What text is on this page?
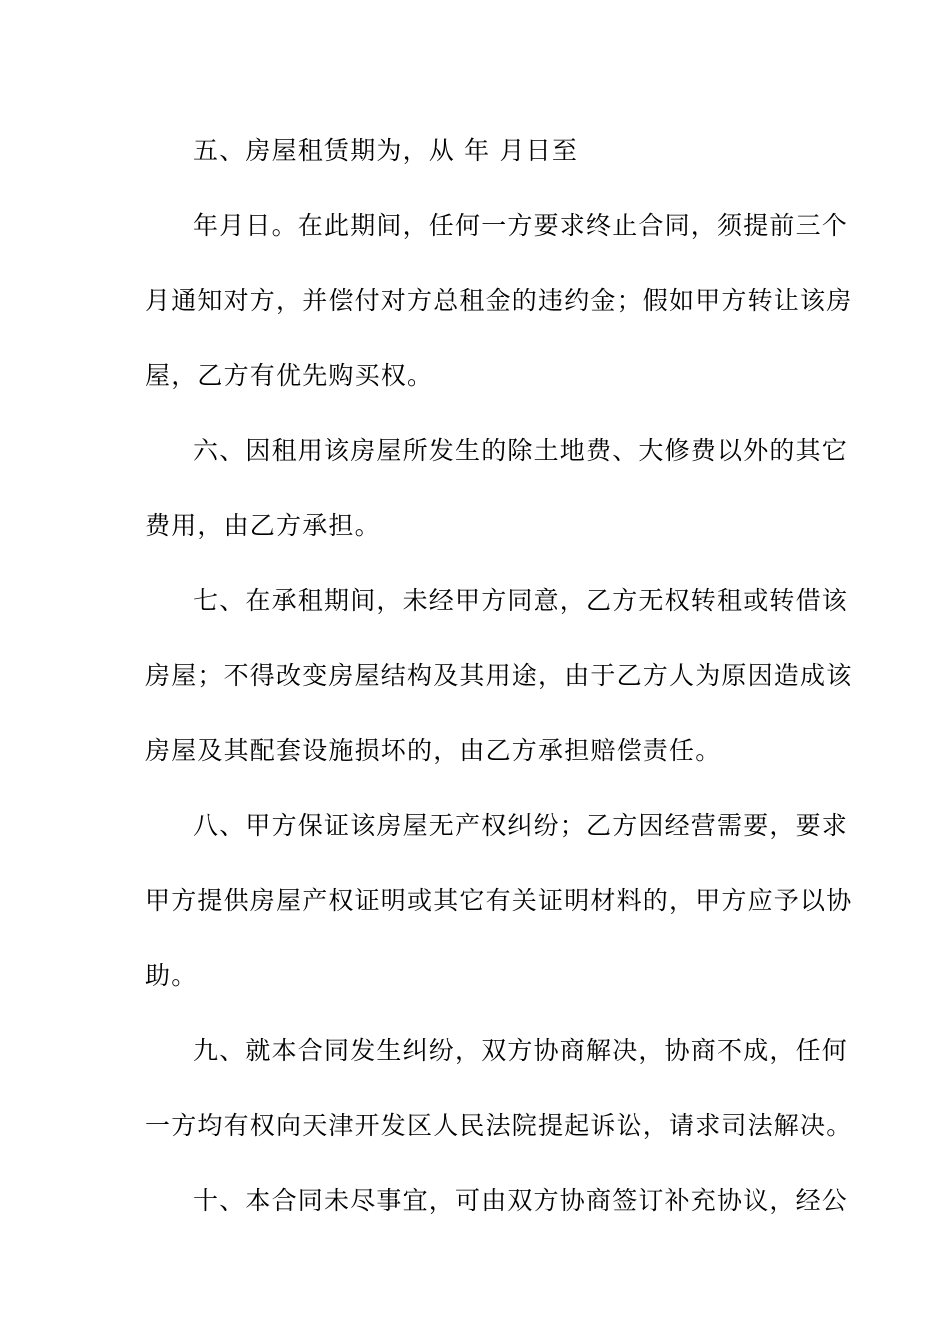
五、房屋租赁期为，从 年 月日至
年月日。在此期间，任何一方要求终止合同，须提前三个
月通知对方，并偿付对方总租金的违约金；假如甲方转让该房
屋，乙方有优先购买权。
六、因租用该房屋所发生的除土地费、大修费以外的其它
费用，由乙方承担。
七、在承租期间，未经甲方同意，乙方无权转租或转借该
房屋；不得改变房屋结构及其用途，由于乙方人为原因造成该
房屋及其配套设施损坏的，由乙方承担赔偿责任。
八、甲方保证该房屋无产权纠纷；乙方因经营需要，要求
甲方提供房屋产权证明或其它有关证明材料的，甲方应予以协
助。
九、就本合同发生纠纷，双方协商解决，协商不成，任何
一方均有权向天津开发区人民法院提起诉讼，请求司法解决。
十、本合同未尽事宜，可由双方协商签订补充协议，经公
